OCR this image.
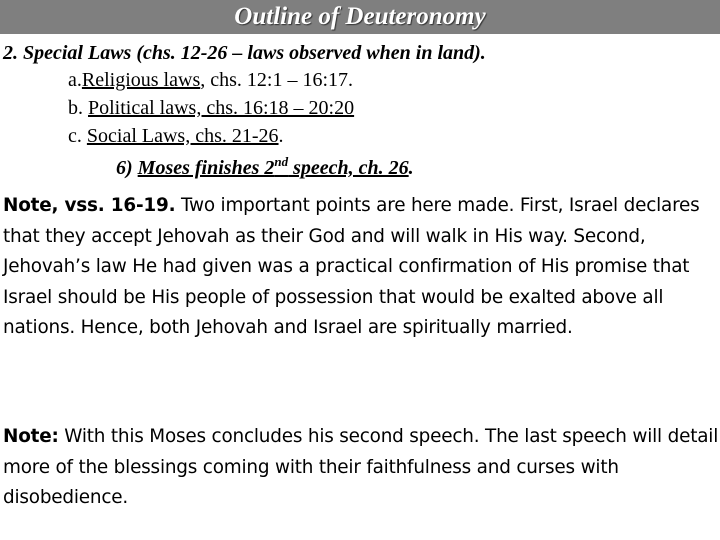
Outline of Deuteronomy
2. Special Laws (chs. 12-26 – laws observed when in land).
a.Religious laws, chs. 12:1 – 16:17.
b. Political laws, chs. 16:18 – 20:20
c. Social Laws, chs. 21-26.
6) Moses finishes 2nd speech, ch. 26.
Note, vss. 16-19. Two important points are here made. First, Israel declares that they accept Jehovah as their God and will walk in His way. Second, Jehovah’s law He had given was a practical confirmation of His promise that Israel should be His people of possession that would be exalted above all nations. Hence, both Jehovah and Israel are spiritually married.
Note: With this Moses concludes his second speech. The last speech will detail more of the blessings coming with their faithfulness and curses with disobedience.
